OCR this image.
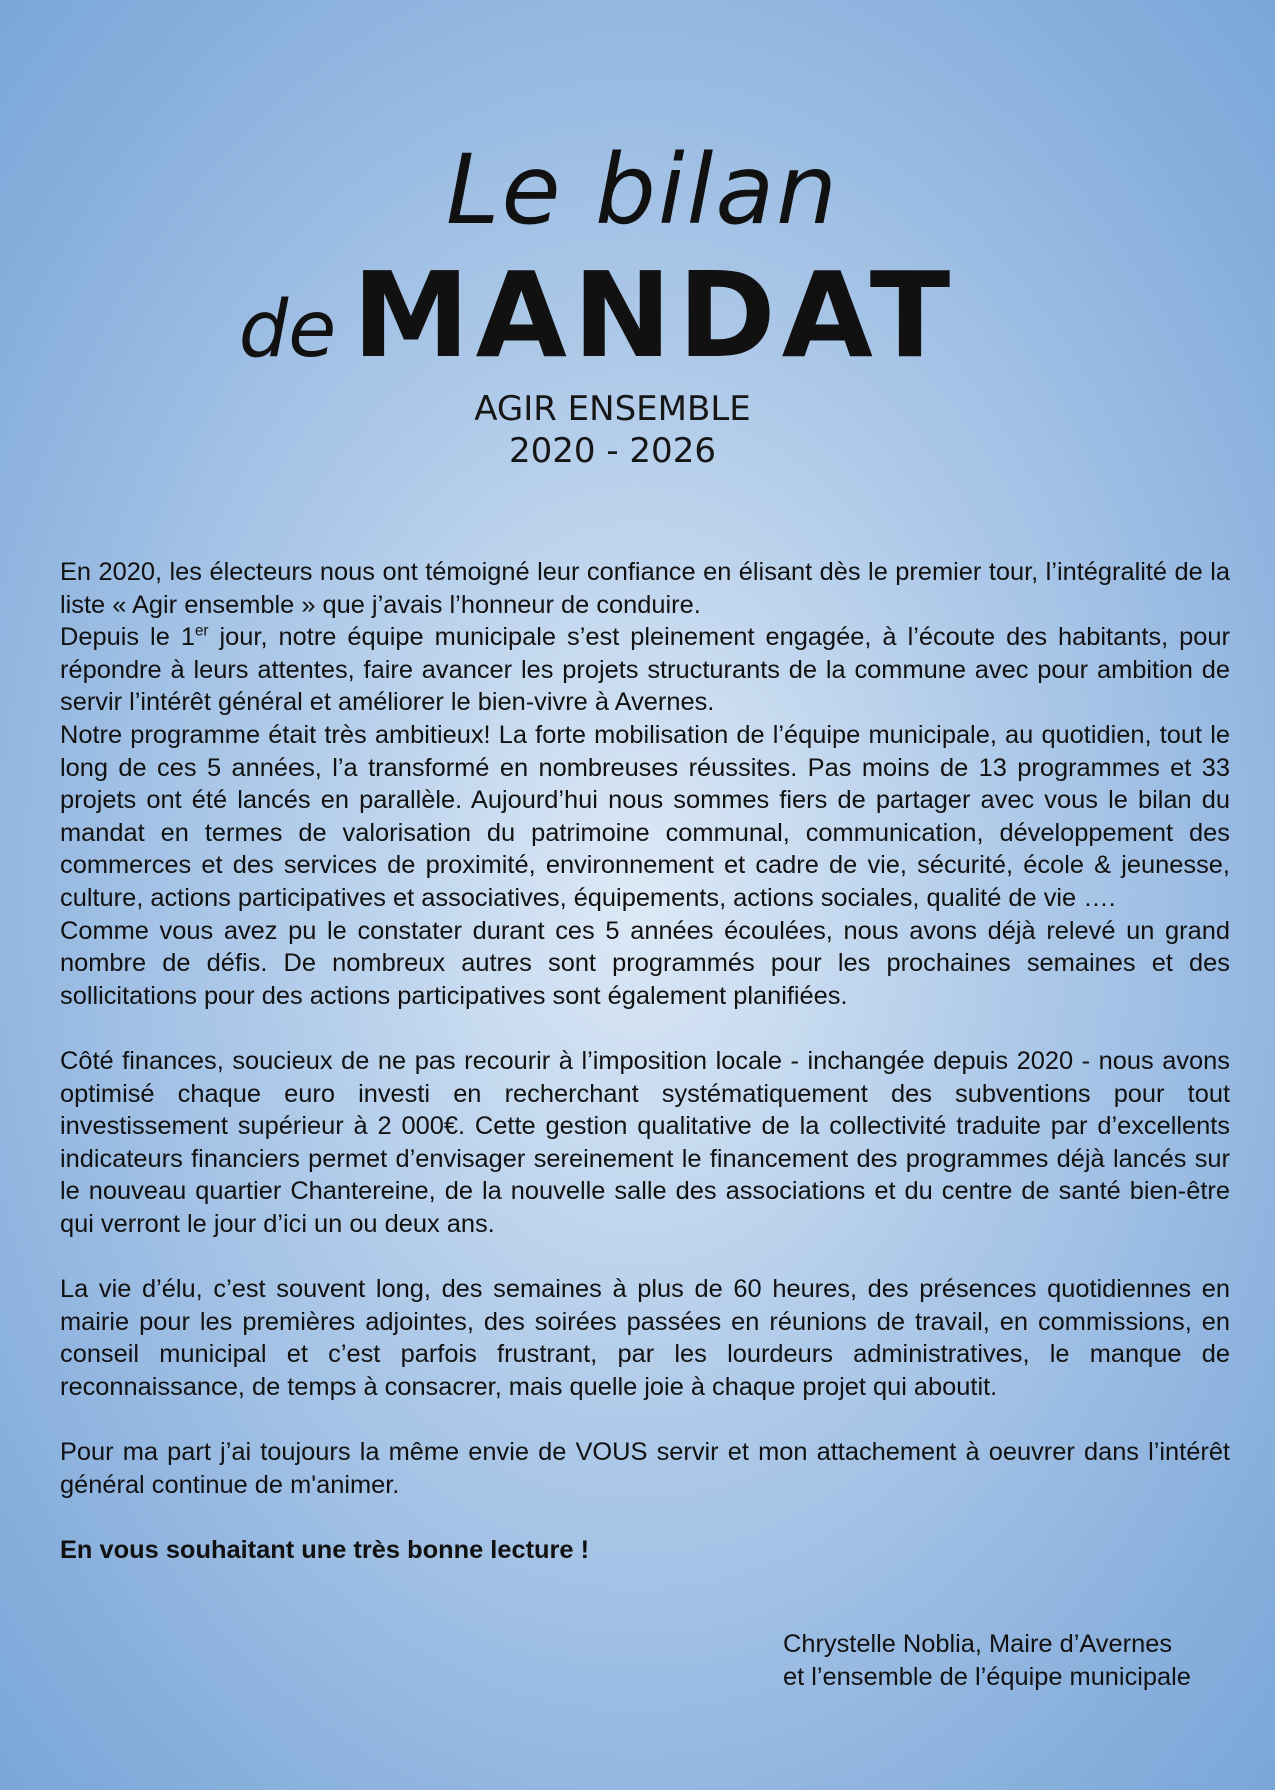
Le bilan
de MANDAT
AGIR ENSEMBLE
2020 - 2026

En 2020, les électeurs nous ont témoigné leur confiance en élisant dès le premier tour, l’intégralité de la liste « Agir ensemble » que j’avais l’honneur de conduire.

Depuis le 1er jour, notre équipe municipale s’est pleinement engagée, à l’écoute des habitants, pour répondre à leurs attentes, faire avancer les projets structurants de la commune avec pour ambition de servir l’intérêt général et améliorer le bien-vivre à Avernes.

Notre programme était très ambitieux! La forte mobilisation de l’équipe municipale, au quotidien, tout le long de ces 5 années, l’a transformé en nombreuses réussites. Pas moins de 13 programmes et 33 projets ont été lancés en parallèle. Aujourd’hui nous sommes fiers de partager avec vous le bilan du mandat en termes de valorisation du patrimoine communal, communication, développement des commerces et des services de proximité, environnement et cadre de vie, sécurité, école & jeunesse, culture, actions participatives et associatives, équipements, actions sociales, qualité de vie ….

Comme vous avez pu le constater durant ces 5 années écoulées, nous avons déjà relevé un grand nombre de défis. De nombreux autres sont programmés pour les prochaines semaines et des sollicitations pour des actions participatives sont également planifiées.

Côté finances, soucieux de ne pas recourir à l’imposition locale - inchangée depuis 2020 - nous avons optimisé chaque euro investi en recherchant systématiquement des subventions pour tout investissement supérieur à 2 000€. Cette gestion qualitative de la collectivité traduite par d’excellents indicateurs financiers permet d’envisager sereinement le financement des programmes déjà lancés sur le nouveau quartier Chantereine, de la nouvelle salle des associations et du centre de santé bien-être qui verront le jour d’ici un ou deux ans.

La vie d’élu, c’est souvent long, des semaines à plus de 60 heures, des présences quotidiennes en mairie pour les premières adjointes, des soirées passées en réunions de travail, en commissions, en conseil municipal et c’est parfois frustrant, par les lourdeurs administratives, le manque de reconnaissance, de temps à consacrer, mais quelle joie à chaque projet qui aboutit.

Pour ma part j’ai toujours la même envie de VOUS servir et mon attachement à oeuvrer dans l’intérêt général continue de m'animer.

En vous souhaitant une très bonne lecture !

Chrystelle Noblia, Maire d’Avernes
et l’ensemble de l’équipe municipale
